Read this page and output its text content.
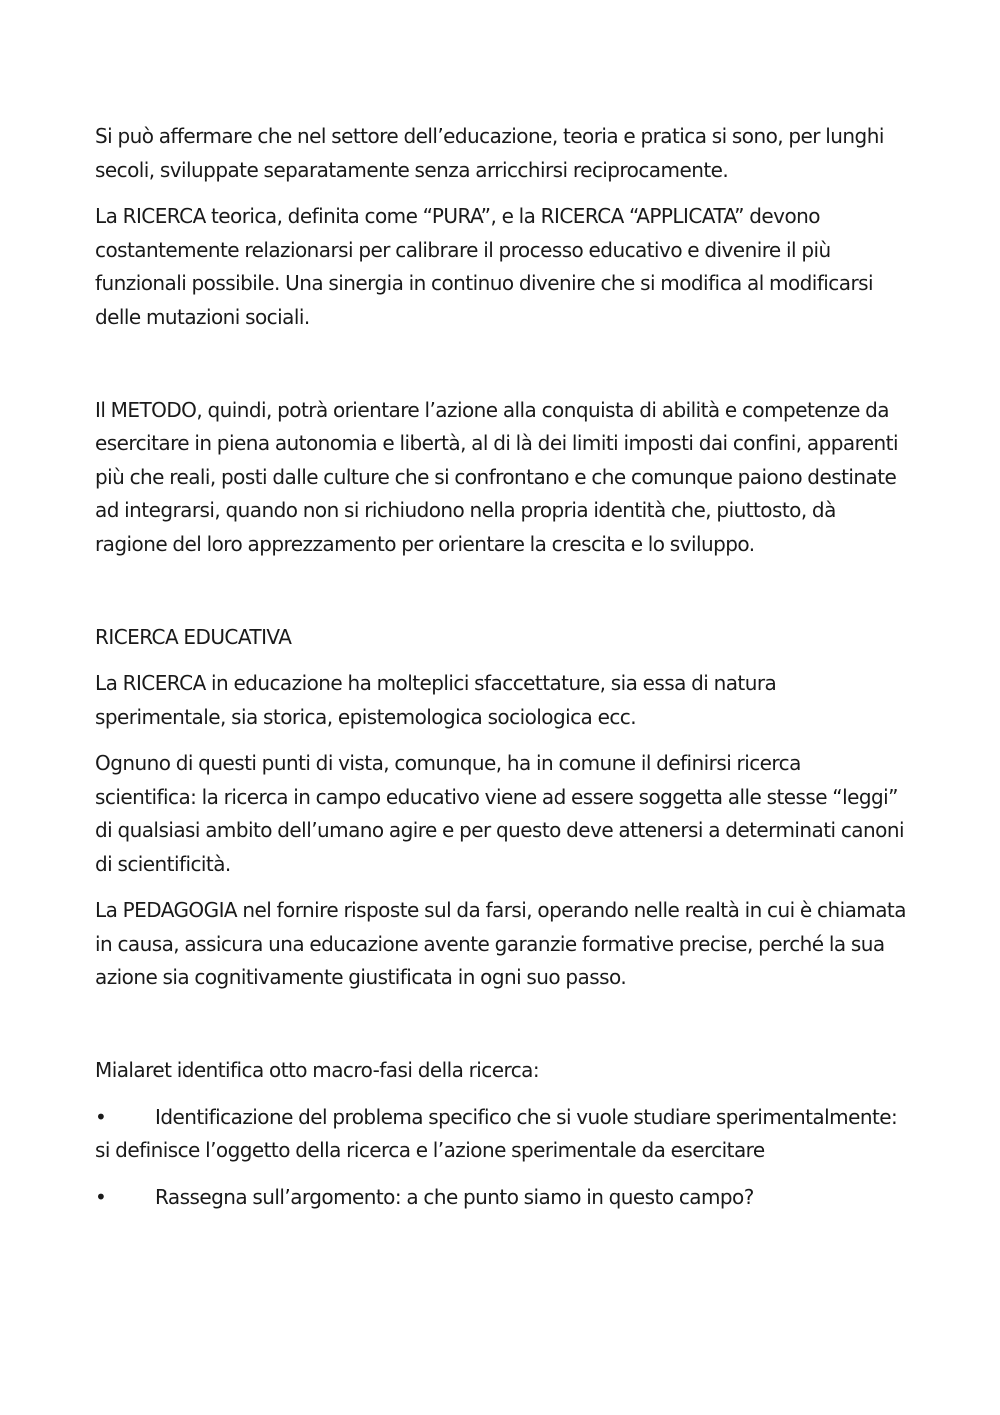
Si può affermare che nel settore dell’educazione, teoria e pratica si sono, per lunghi secoli, sviluppate separatamente senza arricchirsi reciprocamente.

La RICERCA teorica, definita come “PURA”, e la RICERCA “APPLICATA” devono costantemente relazionarsi per calibrare il processo educativo e divenire il più funzionali possibile. Una sinergia in continuo divenire che si modifica al modificarsi delle mutazioni sociali.

Il METODO, quindi, potrà orientare l’azione alla conquista di abilità e competenze da esercitare in piena autonomia e libertà, al di là dei limiti imposti dai confini, apparenti più che reali, posti dalle culture che si confrontano e che comunque paiono destinate ad integrarsi, quando non si richiudono nella propria identità che, piuttosto, dà ragione del loro apprezzamento per orientare la crescita e lo sviluppo.

RICERCA EDUCATIVA

La RICERCA in educazione ha molteplici sfaccettature, sia essa di natura sperimentale, sia storica, epistemologica sociologica ecc.

Ognuno di questi punti di vista, comunque, ha in comune il definirsi ricerca scientifica: la ricerca in campo educativo viene ad essere soggetta alle stesse “leggi” di qualsiasi ambito dell’umano agire e per questo deve attenersi a determinati canoni di scientificità.

La PEDAGOGIA nel fornire risposte sul da farsi, operando nelle realtà in cui è chiamata in causa, assicura una educazione avente garanzie formative precise, perché la sua azione sia cognitivamente giustificata in ogni suo passo.

Mialaret identifica otto macro-fasi della ricerca:

• Identificazione del problema specifico che si vuole studiare sperimentalmente: si definisce l’oggetto della ricerca e l’azione sperimentale da esercitare
• Rassegna sull’argomento: a che punto siamo in questo campo?
